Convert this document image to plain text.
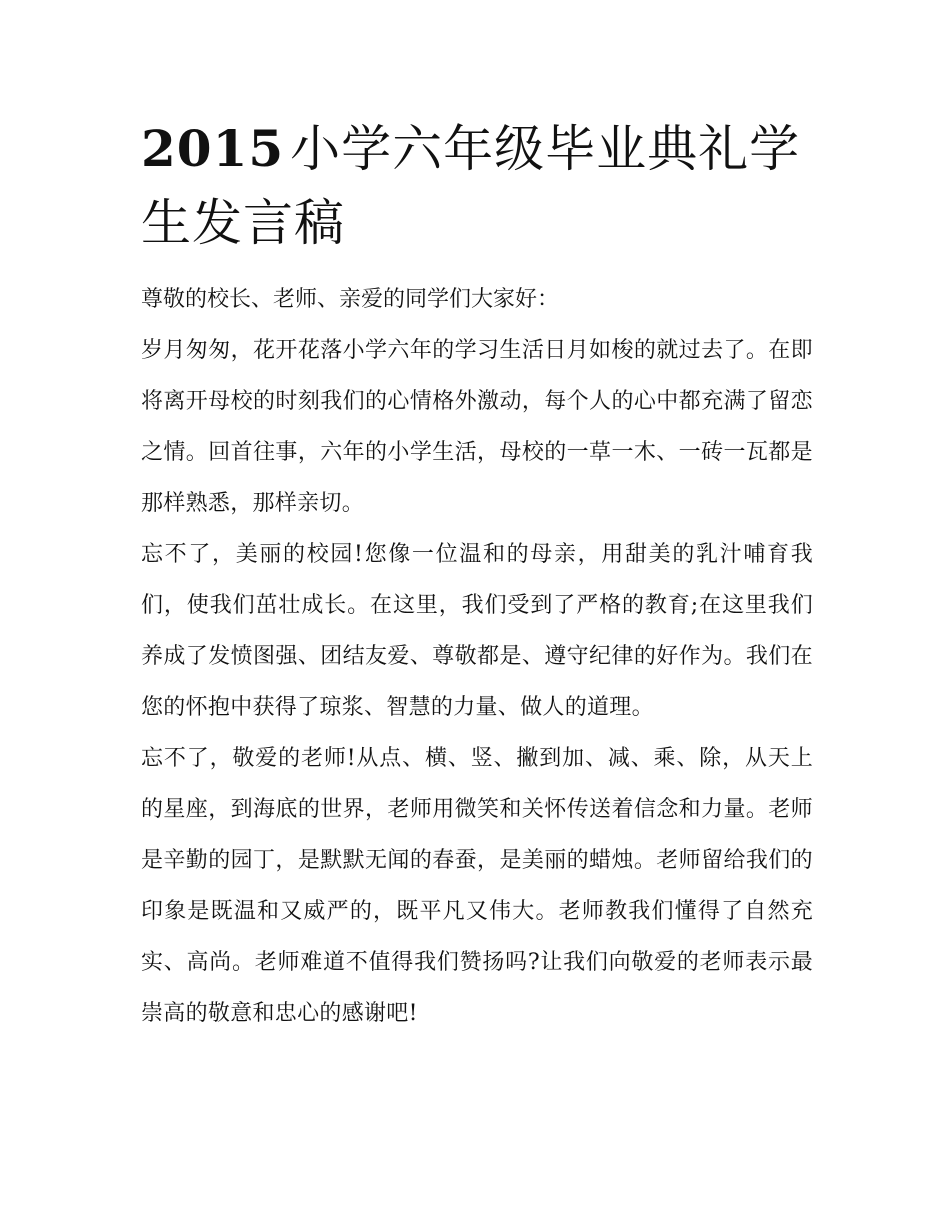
2015 小学六年级毕业典礼学生发言稿

尊敬的校长、老师、亲爱的同学们大家好：

岁月匆匆，花开花落小学六年的学习生活日月如梭的就过去了。在即将离开母校的时刻我们的心情格外激动，每个人的心中都充满了留恋之情。回首往事，六年的小学生活，母校的一草一木、一砖一瓦都是那样熟悉，那样亲切。

忘不了，美丽的校园!您像一位温和的母亲，用甜美的乳汁哺育我们，使我们茁壮成长。在这里，我们受到了严格的教育;在这里我们养成了发愤图强、团结友爱、尊敬都是、遵守纪律的好作为。我们在您的怀抱中获得了琼浆、智慧的力量、做人的道理。

忘不了，敬爱的老师!从点、横、竖、撇到加、减、乘、除，从天上的星座，到海底的世界，老师用微笑和关怀传送着信念和力量。老师是辛勤的园丁，是默默无闻的春蚕，是美丽的蜡烛。老师留给我们的印象是既温和又威严的，既平凡又伟大。老师教我们懂得了自然充实、高尚。老师难道不值得我们赞扬吗?让我们向敬爱的老师表示最崇高的敬意和忠心的感谢吧!
